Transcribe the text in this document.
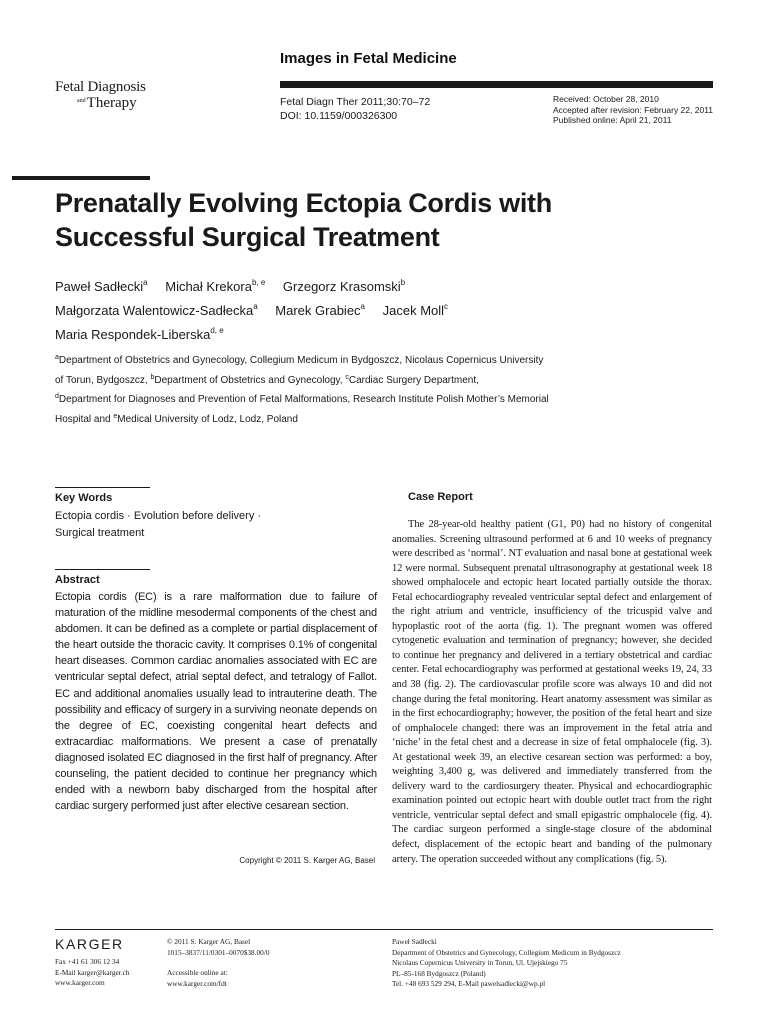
Images in Fetal Medicine
Fetal Diagnosis
$^{and}$Therapy	Fetal Diagn Ther 2011;30:70–72
DOI: 10.1159/000326300
Received: October 28, 2010
Accepted after revision: February 22, 2011
Published online: April 21, 2011
Prenatally Evolving Ectopia Cordis with
Successful Surgical Treatment
Paweł Sadłecki$^a$ Michał Krekora$^{b, e}$ Grzegorz Krasomski$^b$
Małgorzata Walentowicz-Sadłecka$^a$ Marek Grabiec$^a$ Jacek Moll$^c$
Maria Respondek-Liberska$^{d, e}$
$^a$Department of Obstetrics and Gynecology, Collegium Medicum in Bydgoszcz, Nicolaus Copernicus University
of Torun, Bydgoszcz, $^b$Department of Obstetrics and Gynecology, $^c$Cardiac Surgery Department,
$^d$Department for Diagnoses and Prevention of Fetal Malformations, Research Institute Polish Mother’s Memorial
Hospital and $^e$Medical University of Lodz, Lodz, Poland
Key Words
Ectopia cordis · Evolution before delivery ·
Surgical treatment
Abstract
Ectopia cordis (EC) is a rare malformation due to failure of maturation of the midline mesodermal components of the chest and abdomen. It can be defined as a complete or partial displacement of the heart outside the thoracic cavity. It comprises 0.1% of congenital heart diseases. Common cardiac anomalies associated with EC are ventricular septal defect, atrial septal defect, and tetralogy of Fallot. EC and additional anomalies usually lead to intrauterine death. The possibility and efficacy of surgery in a surviving neonate depends on the degree of EC, coexisting congenital heart defects and extracardiac malformations. We present a case of prenatally diagnosed isolated EC diagnosed in the first half of pregnancy. After counseling, the patient decided to continue her pregnancy which ended with a newborn baby discharged from the hospital after cardiac surgery performed just after elective cesarean section.
Copyright © 2011 S. Karger AG, Basel
Case Report
The 28-year-old healthy patient (G1, P0) had no history of congenital anomalies. Screening ultrasound performed at 6 and 10 weeks of pregnancy were described as ‘normal’. NT evaluation and nasal bone at gestational week 12 were normal. Subsequent prenatal ultrasonography at gestational week 18 showed omphalocele and ectopic heart located partially outside the thorax. Fetal echocardiography revealed ventricular septal defect and enlargement of the right atrium and ventricle, insufficiency of the tricuspid valve and hypoplastic root of the aorta (fig. 1). The pregnant women was offered cytogenetic evaluation and termination of pregnancy; however, she decided to continue her pregnancy and delivered in a tertiary obstetrical and cardiac center. Fetal echocardiography was performed at gestational weeks 19, 24, 33 and 38 (fig. 2). The cardiovascular profile score was always 10 and did not change during the fetal monitoring. Heart anatomy assessment was similar as in the first echocardiography; however, the position of the fetal heart and size of omphalocele changed: there was an improvement in the fetal atria and ‘niche’ in the fetal chest and a decrease in size of fetal omphalocele (fig. 3). At gestational week 39, an elective cesarean section was performed: a boy, weighting 3,400 g, was delivered and immediately transferred from the delivery ward to the cardiosurgery theater. Physical and echocardiographic examination pointed out ectopic heart with double outlet tract from the right ventricle, ventricular septal defect and small epigastric omphalocele (fig. 4). The cardiac surgeon performed a single-stage closure of the abdominal defect, displacement of the ectopic heart and banding of the pulmonary artery. The operation succeeded without any complications (fig. 5).
KARGER
Fax +41 61 306 12 34
E-Mail karger@karger.ch
www.karger.com
© 2011 S. Karger AG, Basel
1015–3837/11/0301–0070$38.00/0
Accessible online at:
www.karger.com/fdt
Paweł Sadłecki
Department of Obstetrics and Gynecology, Collegium Medicum in Bydgoszcz
Nicolaus Copernicus University in Torun, Ul. Ujejskiego 75
PL–85-168 Bydgoszcz (Poland)
Tel. +48 693 529 294, E-Mail pawelsadlecki@wp.pl
